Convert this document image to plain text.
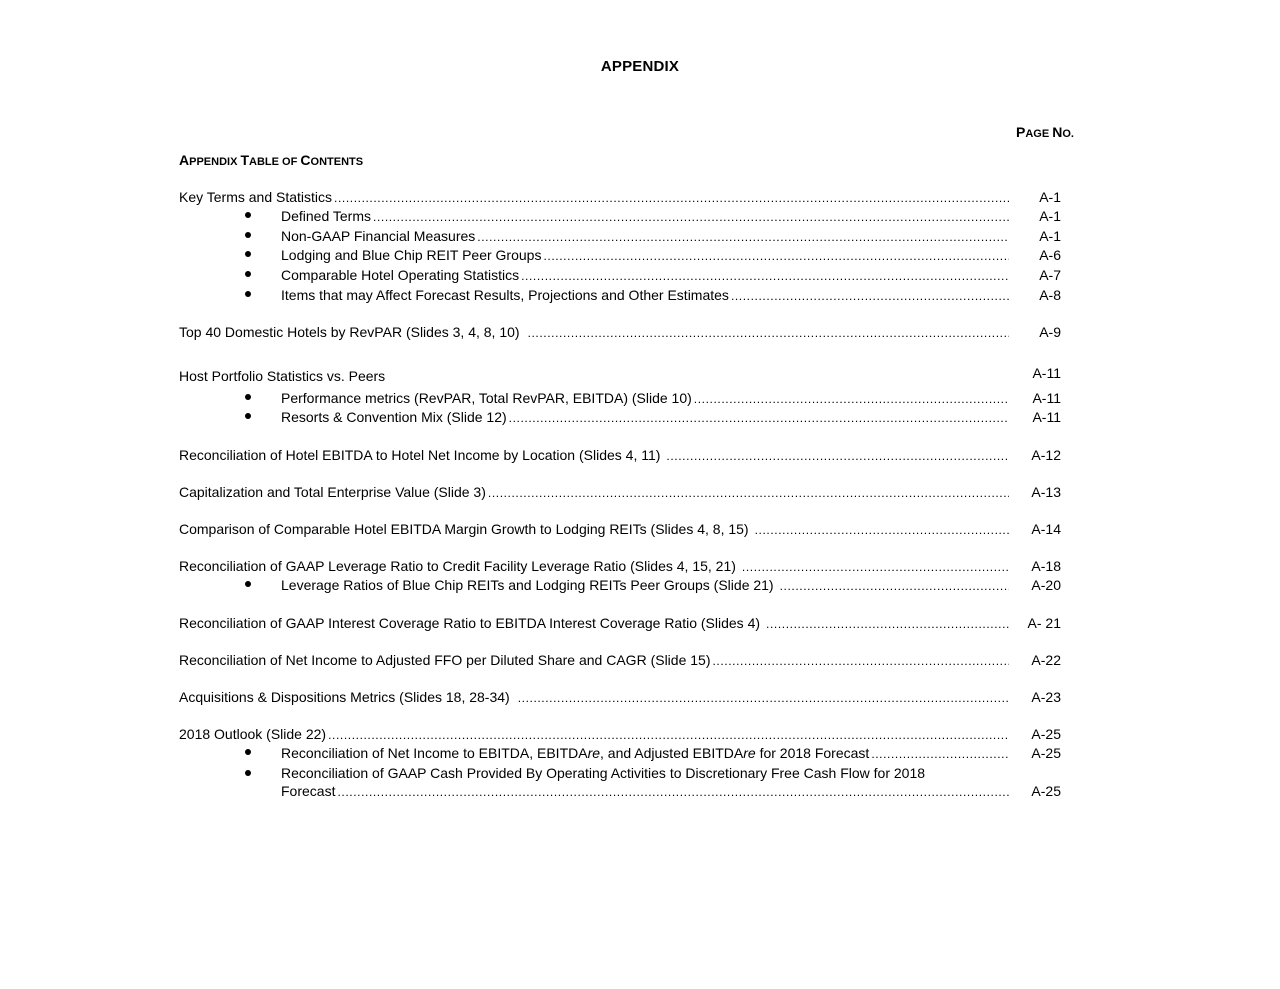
APPENDIX
PAGE NO.
APPENDIX TABLE OF CONTENTS
Key Terms and Statistics .....	A-1
Defined Terms .....	A-1
Non-GAAP Financial Measures .....	A-1
Lodging and Blue Chip REIT Peer Groups .....	A-6
Comparable Hotel Operating Statistics .....	A-7
Items that may Affect Forecast Results, Projections and Other Estimates .....	A-8
Top 40 Domestic Hotels by RevPAR (Slides 3, 4, 8, 10) .....	A-9
Host Portfolio Statistics vs. Peers	A-11
Performance metrics (RevPAR, Total RevPAR, EBITDA) (Slide 10) .....	A-11
Resorts & Convention Mix (Slide 12) .....	A-11
Reconciliation of Hotel EBITDA to Hotel Net Income by Location (Slides 4, 11) .....	A-12
Capitalization and Total Enterprise Value (Slide 3) .....	A-13
Comparison of Comparable Hotel EBITDA Margin Growth to Lodging REITs (Slides 4, 8, 15) .....	A-14
Reconciliation of GAAP Leverage Ratio to Credit Facility Leverage Ratio (Slides 4, 15, 21) .....	A-18
Leverage Ratios of Blue Chip REITs and Lodging REITs Peer Groups (Slide 21) .....	A-20
Reconciliation of GAAP Interest Coverage Ratio to EBITDA Interest Coverage Ratio (Slides 4) .....	A- 21
Reconciliation of Net Income to Adjusted FFO per Diluted Share and CAGR (Slide 15) .....	A-22
Acquisitions & Dispositions Metrics (Slides 18, 28-34) .....	A-23
2018 Outlook (Slide 22) .....	A-25
Reconciliation of Net Income to EBITDA, EBITDAre, and Adjusted EBITDAre for 2018 Forecast .....	A-25
Reconciliation of GAAP Cash Provided By Operating Activities to Discretionary Free Cash Flow for 2018
Forecast .....	A-25
